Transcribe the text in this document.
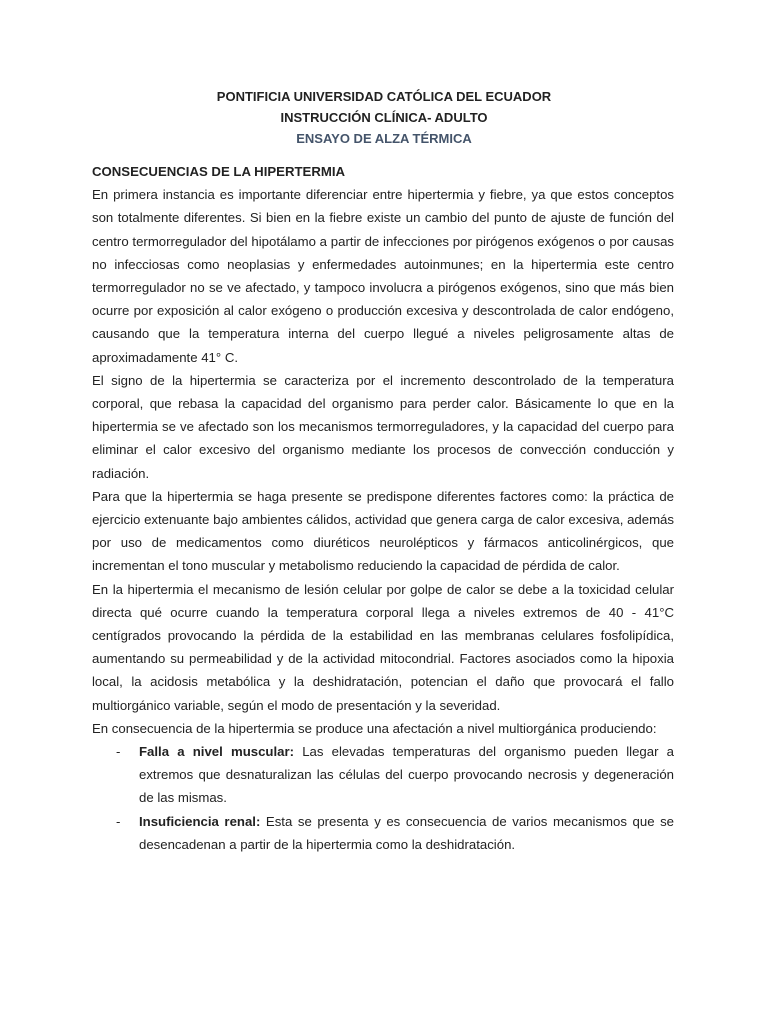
PONTIFICIA UNIVERSIDAD CATÓLICA DEL ECUADOR
INSTRUCCIÓN CLÍNICA- ADULTO
ENSAYO DE ALZA TÉRMICA

CONSECUENCIAS DE LA HIPERTERMIA

En primera instancia es importante diferenciar entre hipertermia y fiebre, ya que estos conceptos son totalmente diferentes. Si bien en la fiebre existe un cambio del punto de ajuste de función del centro termorregulador del hipotálamo a partir de infecciones por pirógenos exógenos o por causas no infecciosas como neoplasias y enfermedades autoinmunes; en la hipertermia este centro termorregulador no se ve afectado, y tampoco involucra a pirógenos exógenos, sino que más bien ocurre por exposición al calor exógeno o producción excesiva y descontrolada de calor endógeno, causando que la temperatura interna del cuerpo llegué a niveles peligrosamente altas de aproximadamente 41° C.

El signo de la hipertermia se caracteriza por el incremento descontrolado de la temperatura corporal, que rebasa la capacidad del organismo para perder calor. Básicamente lo que en la hipertermia se ve afectado son los mecanismos termorreguladores, y la capacidad del cuerpo para eliminar el calor excesivo del organismo mediante los procesos de convección conducción y radiación.

Para que la hipertermia se haga presente se predispone diferentes factores como: la práctica de ejercicio extenuante bajo ambientes cálidos, actividad que genera carga de calor excesiva, además por uso de medicamentos como diuréticos neurolépticos y fármacos anticolinérgicos, que incrementan el tono muscular y metabolismo reduciendo la capacidad de pérdida de calor.

En la hipertermia el mecanismo de lesión celular por golpe de calor se debe a la toxicidad celular directa qué ocurre cuando la temperatura corporal llega a niveles extremos de 40 - 41°C centígrados provocando la pérdida de la estabilidad en las membranas celulares fosfolipídica, aumentando su permeabilidad y de la actividad mitocondrial. Factores asociados como la hipoxia local, la acidosis metabólica y la deshidratación, potencian el daño que provocará el fallo multiorgánico variable, según el modo de presentación y la severidad.

En consecuencia de la hipertermia se produce una afectación a nivel multiorgánica produciendo:

- Falla a nivel muscular: Las elevadas temperaturas del organismo pueden llegar a extremos que desnaturalizan las células del cuerpo provocando necrosis y degeneración de las mismas.
- Insuficiencia renal: Esta se presenta y es consecuencia de varios mecanismos que se desencadenan a partir de la hipertermia como la deshidratación.
